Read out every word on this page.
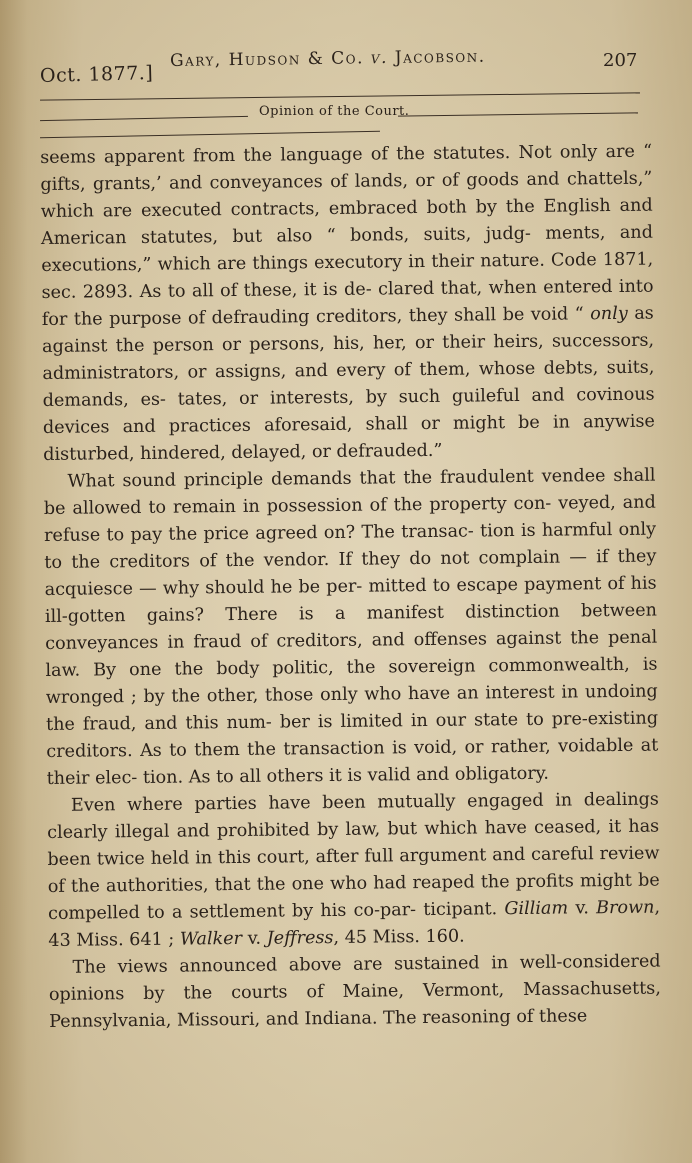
Oct. 1877.]
Gary, Hudson & Co. v. Jacobson.	207
Opinion of the Court.

seems apparent from the language of the statutes. Not only are “ gifts, grants,’ and conveyances of lands, or of goods and chattels,” which are executed contracts, embraced both by the English and American statutes, but also “ bonds, suits, judg- ments, and executions,” which are things executory in their nature. Code 1871, sec. 2893. As to all of these, it is de- clared that, when entered into for the purpose of defrauding creditors, they shall be void “ only as against the person or persons, his, her, or their heirs, successors, administrators, or assigns, and every of them, whose debts, suits, demands, es- tates, or interests, by such guileful and covinous devices and practices aforesaid, shall or might be in anywise disturbed, hindered, delayed, or defrauded.”

What sound principle demands that the fraudulent vendee shall be allowed to remain in possession of the property con- veyed, and refuse to pay the price agreed on? The transac- tion is harmful only to the creditors of the vendor. If they do not complain — if they acquiesce — why should he be per- mitted to escape payment of his ill-gotten gains? There is a manifest distinction between conveyances in fraud of creditors, and offenses against the penal law. By one the body politic, the sovereign commonwealth, is wronged ; by the other, those only who have an interest in undoing the fraud, and this num- ber is limited in our state to pre-existing creditors. As to them the transaction is void, or rather, voidable at their elec- tion. As to all others it is valid and obligatory.

Even where parties have been mutually engaged in dealings clearly illegal and prohibited by law, but which have ceased, it has been twice held in this court, after full argument and careful review of the authorities, that the one who had reaped the profits might be compelled to a settlement by his co-par- ticipant. Gilliam v. Brown, 43 Miss. 641 ; Walker v. Jeffress, 45 Miss. 160.

The views announced above are sustained in well-considered opinions by the courts of Maine, Vermont, Massachusetts, Pennsylvania, Missouri, and Indiana. The reasoning of these
